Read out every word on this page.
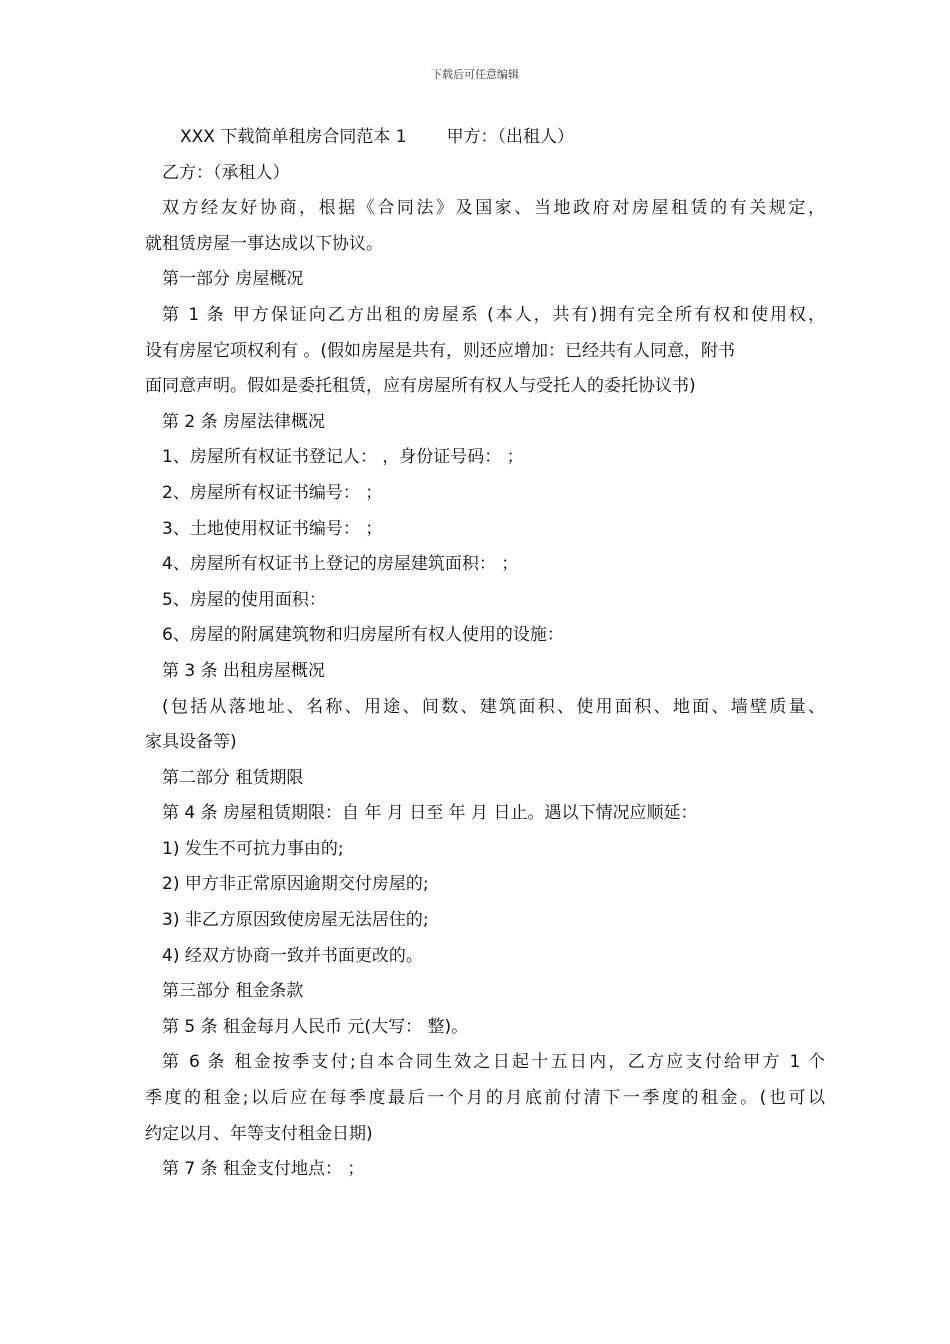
下载后可任意编辑
XXX 下载简单租房合同范本 1 甲方：（出租人）
乙方：（承租人）
双方经友好协商，根据《合同法》及国家、当地政府对房屋租赁的有关规定，
就租赁房屋一事达成以下协议。
第一部分 房屋概况
第 1 条 甲方保证向乙方出租的房屋系 (本人，共有)拥有完全所有权和使用权，
设有房屋它项权利有 。(假如房屋是共有，则还应增加：已经共有人同意，附书
面同意声明。假如是委托租赁，应有房屋所有权人与受托人的委托协议书)
第 2 条 房屋法律概况
1、房屋所有权证书登记人： ，身份证号码： ；
2、房屋所有权证书编号： ；
3、土地使用权证书编号： ；
4、房屋所有权证书上登记的房屋建筑面积： ；
5、房屋的使用面积：
6、房屋的附属建筑物和归房屋所有权人使用的设施：
第 3 条 出租房屋概况
(包括从落地址、名称、用途、间数、建筑面积、使用面积、地面、墙壁质量、
家具设备等)
第二部分 租赁期限
第 4 条 房屋租赁期限：自 年 月 日至 年 月 日止。遇以下情况应顺延：
1) 发生不可抗力事由的;
2) 甲方非正常原因逾期交付房屋的;
3) 非乙方原因致使房屋无法居住的;
4) 经双方协商一致并书面更改的。
第三部分 租金条款
第 5 条 租金每月人民币 元(大写： 整)。
第 6 条 租金按季支付;自本合同生效之日起十五日内，乙方应支付给甲方 1 个
季度的租金;以后应在每季度最后一个月的月底前付清下一季度的租金。(也可以
约定以月、年等支付租金日期)
第 7 条 租金支付地点： ；
